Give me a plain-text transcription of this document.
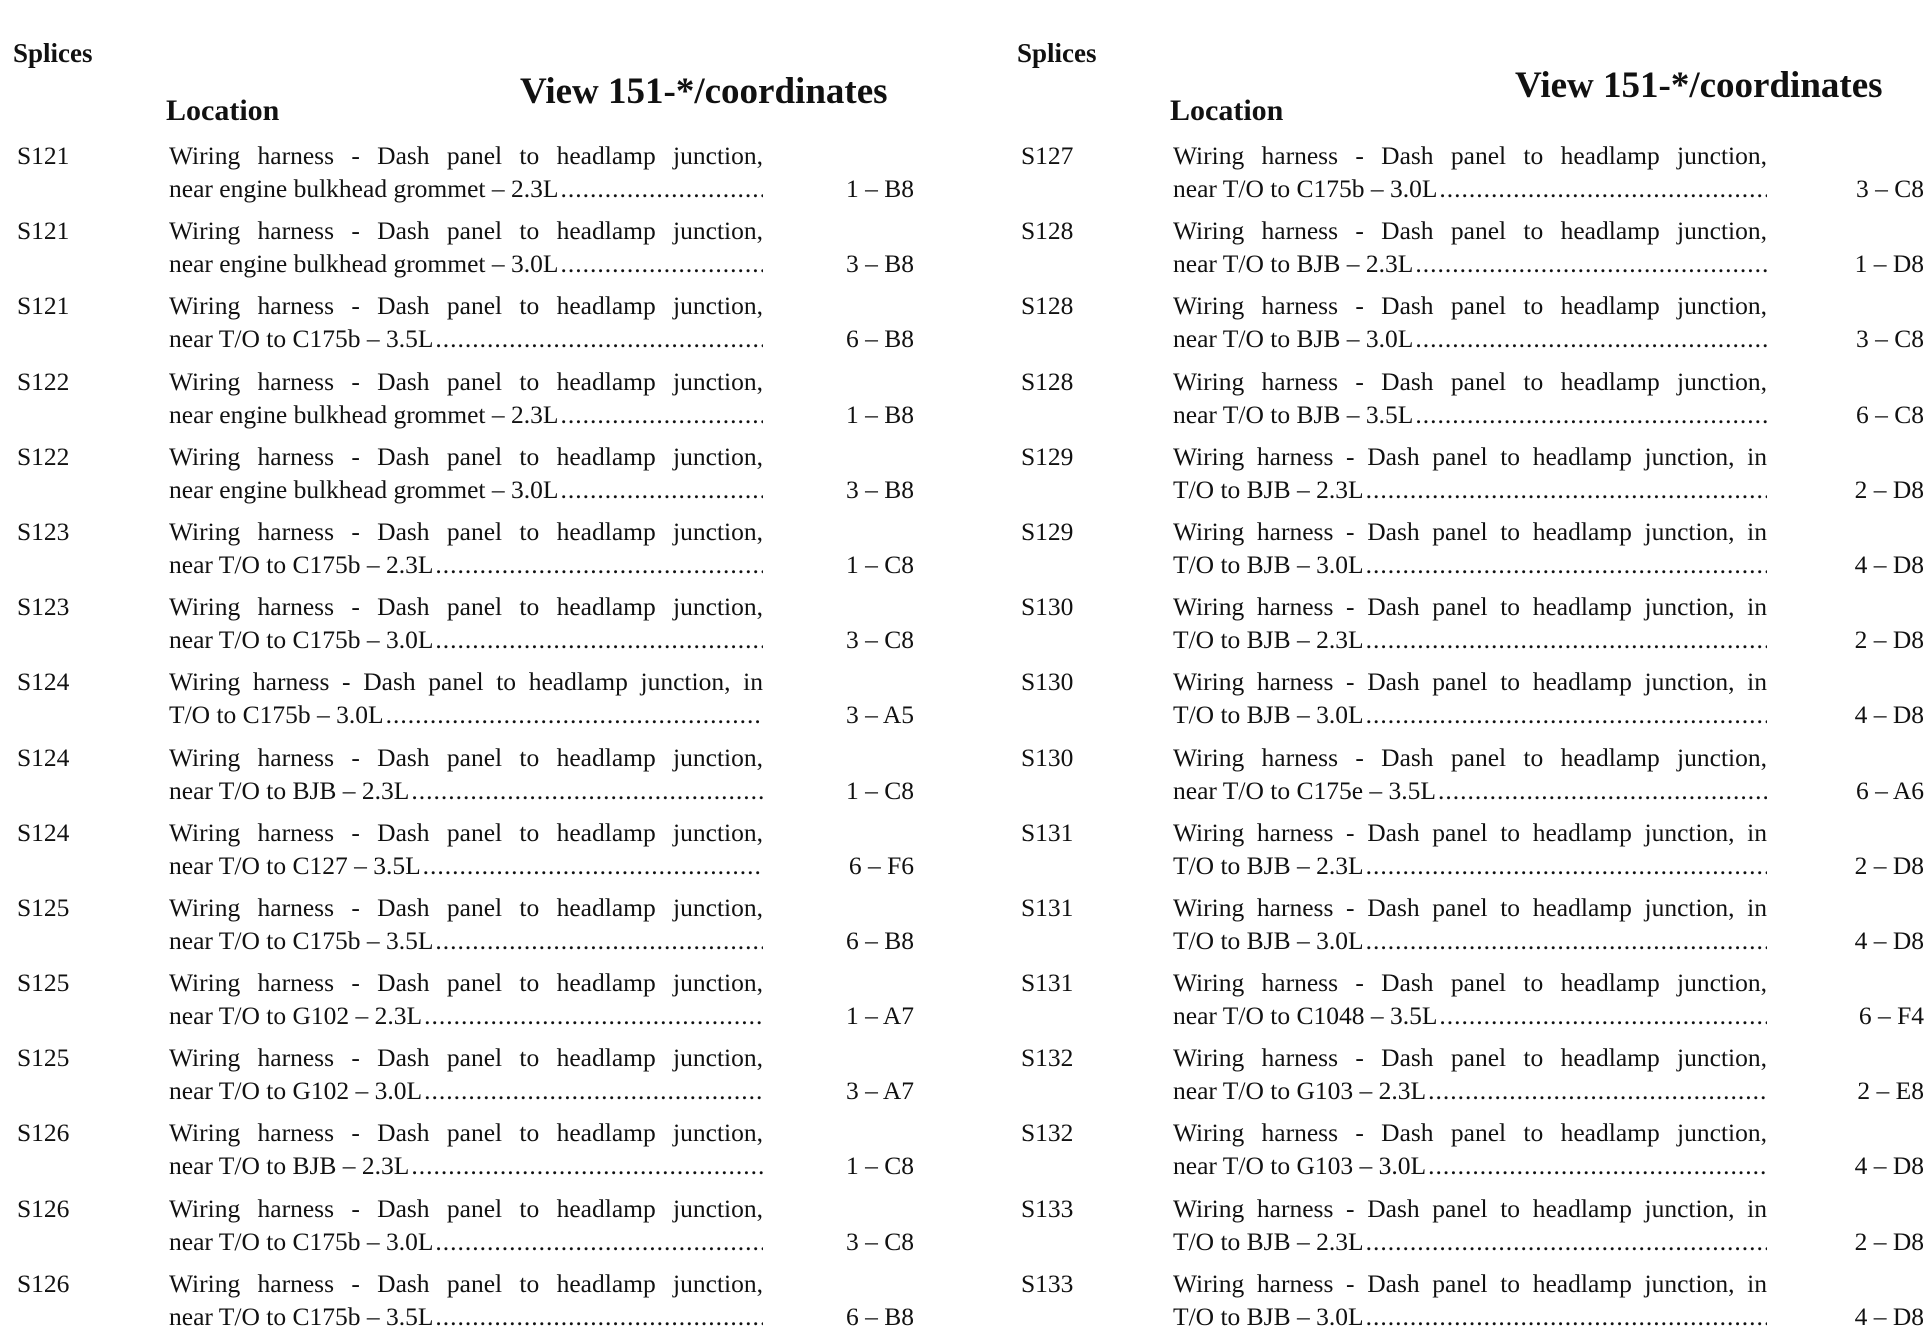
Splices
Location	View 151-*/coordinates
S121	Wiring harness - Dash panel to headlamp junction,
near engine bulkhead grommet – 2.3L .....	1 – B8
S121	Wiring harness - Dash panel to headlamp junction,
near engine bulkhead grommet – 3.0L .....	3 – B8
S121	Wiring harness - Dash panel to headlamp junction,
near T/O to C175b – 3.5L .....	6 – B8
S122	Wiring harness - Dash panel to headlamp junction,
near engine bulkhead grommet – 2.3L .....	1 – B8
S122	Wiring harness - Dash panel to headlamp junction,
near engine bulkhead grommet – 3.0L .....	3 – B8
S123	Wiring harness - Dash panel to headlamp junction,
near T/O to C175b – 2.3L .....	1 – C8
S123	Wiring harness - Dash panel to headlamp junction,
near T/O to C175b – 3.0L .....	3 – C8
S124	Wiring harness - Dash panel to headlamp junction, in
T/O to C175b – 3.0L .....	3 – A5
S124	Wiring harness - Dash panel to headlamp junction,
near T/O to BJB – 2.3L .....	1 – C8
S124	Wiring harness - Dash panel to headlamp junction,
near T/O to C127 – 3.5L .....	6 – F6
S125	Wiring harness - Dash panel to headlamp junction,
near T/O to C175b – 3.5L .....	6 – B8
S125	Wiring harness - Dash panel to headlamp junction,
near T/O to G102 – 2.3L .....	1 – A7
S125	Wiring harness - Dash panel to headlamp junction,
near T/O to G102 – 3.0L .....	3 – A7
S126	Wiring harness - Dash panel to headlamp junction,
near T/O to BJB – 2.3L .....	1 – C8
S126	Wiring harness - Dash panel to headlamp junction,
near T/O to C175b – 3.0L .....	3 – C8
S126	Wiring harness - Dash panel to headlamp junction,
near T/O to C175b – 3.5L .....	6 – B8
Splices
Location
View 151-*/coordinates
S127	Wiring harness - Dash panel to headlamp junction,
near T/O to C175b – 3.0L .....	3 – C8
S128	Wiring harness - Dash panel to headlamp junction,
near T/O to BJB – 2.3L .....	1 – D8
S128	Wiring harness - Dash panel to headlamp junction,
near T/O to BJB – 3.0L .....	3 – C8
S128	Wiring harness - Dash panel to headlamp junction,
near T/O to BJB – 3.5L .....	6 – C8
S129	Wiring harness - Dash panel to headlamp junction, in
T/O to BJB – 2.3L .....	2 – D8
S129	Wiring harness - Dash panel to headlamp junction, in
T/O to BJB – 3.0L .....	4 – D8
S130	Wiring harness - Dash panel to headlamp junction, in
T/O to BJB – 2.3L .....	2 – D8
S130	Wiring harness - Dash panel to headlamp junction, in
T/O to BJB – 3.0L .....	4 – D8
S130	Wiring harness - Dash panel to headlamp junction,
near T/O to C175e – 3.5L .....	6 – A6
S131	Wiring harness - Dash panel to headlamp junction, in
T/O to BJB – 2.3L .....	2 – D8
S131	Wiring harness - Dash panel to headlamp junction, in
T/O to BJB – 3.0L .....	4 – D8
S131	Wiring harness - Dash panel to headlamp junction,
near T/O to C1048 – 3.5L .....	6 – F4
S132	Wiring harness - Dash panel to headlamp junction,
near T/O to G103 – 2.3L .....	2 – E8
S132	Wiring harness - Dash panel to headlamp junction,
near T/O to G103 – 3.0L .....	4 – D8
S133	Wiring harness - Dash panel to headlamp junction, in
T/O to BJB – 2.3L .....	2 – D8
S133	Wiring harness - Dash panel to headlamp junction, in
T/O to BJB – 3.0L .....	4 – D8
